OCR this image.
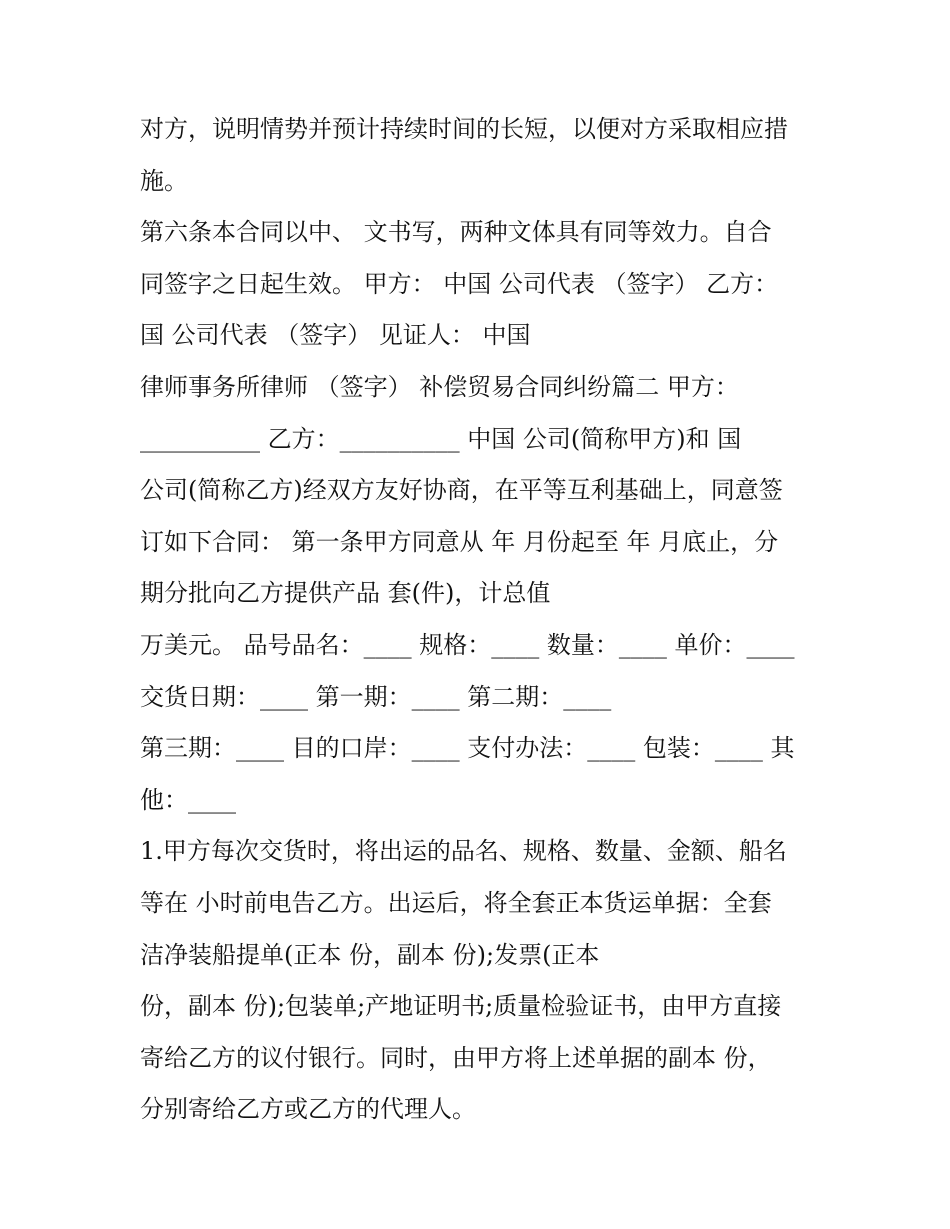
对方，说明情势并预计持续时间的长短，以便对方采取相应措
施。
第六条本合同以中、 文书写，两种文体具有同等效力。自合
同签字之日起生效。 甲方： 中国 公司代表 （签字） 乙方：
国 公司代表 （签字） 见证人： 中国
律师事务所律师 （签字） 补偿贸易合同纠纷篇二 甲方：
__________ 乙方：__________ 中国 公司(简称甲方)和 国
公司(简称乙方)经双方友好协商，在平等互利基础上，同意签
订如下合同： 第一条甲方同意从 年 月份起至 年 月底止，分
期分批向乙方提供产品 套(件)，计总值
万美元。 品号品名：____ 规格：____ 数量：____ 单价：____
交货日期：____ 第一期：____ 第二期：____
第三期：____ 目的口岸：____ 支付办法：____ 包装：____ 其
他：____
1.甲方每次交货时，将出运的品名、规格、数量、金额、船名
等在 小时前电告乙方。出运后，将全套正本货运单据：全套
洁净装船提单(正本 份，副本 份);发票(正本
份，副本 份);包装单;产地证明书;质量检验证书，由甲方直接
寄给乙方的议付银行。同时，由甲方将上述单据的副本 份，
分别寄给乙方或乙方的代理人。
